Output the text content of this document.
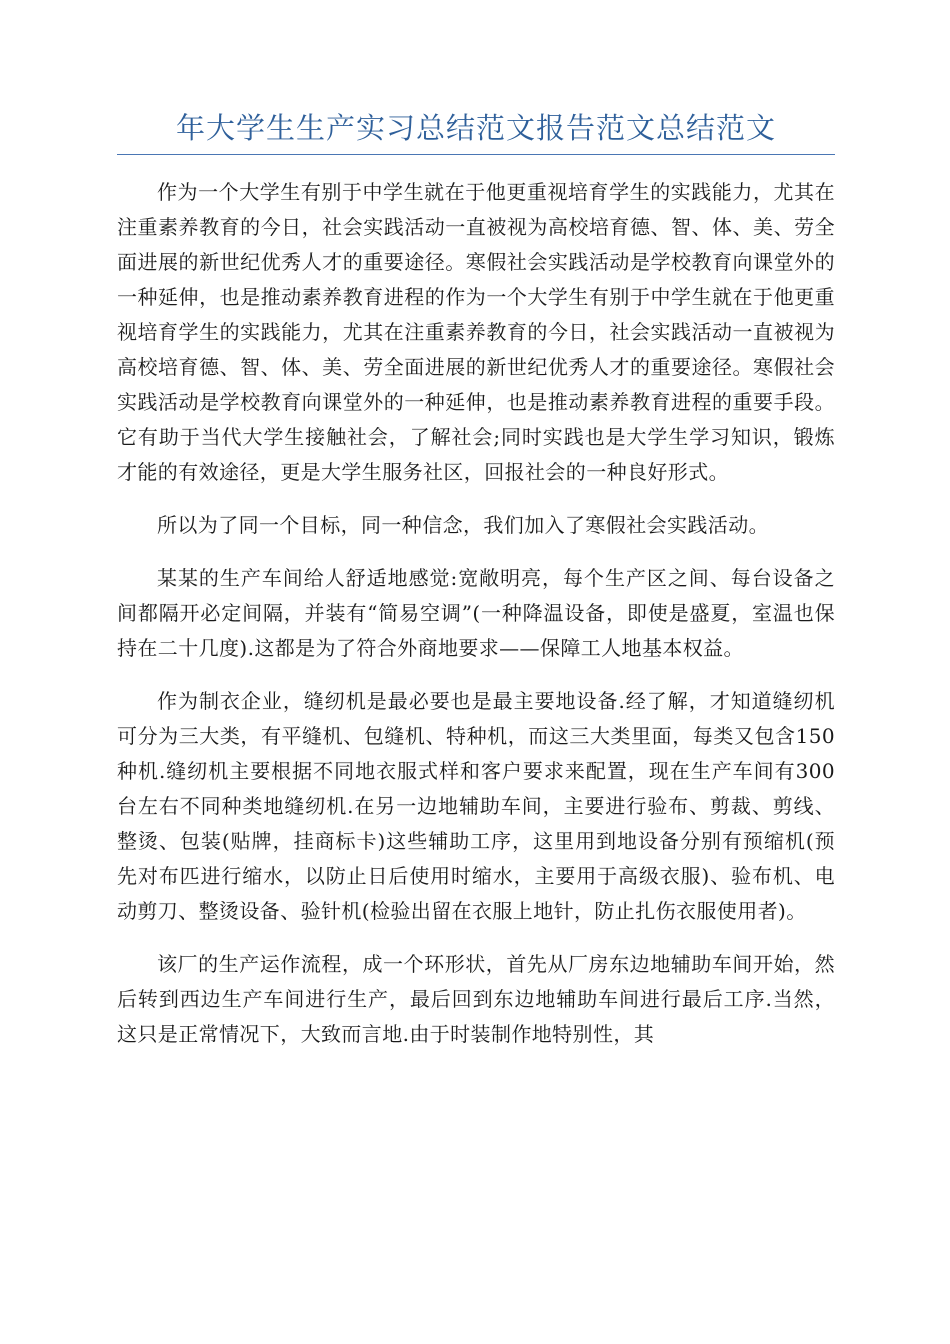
年大学生生产实习总结范文报告范文总结范文

作为一个大学生有别于中学生就在于他更重视培育学生的实践能力，尤其在注重素养教育的今日，社会实践活动一直被视为高校培育德、智、体、美、劳全面进展的新世纪优秀人才的重要途径。寒假社会实践活动是学校教育向课堂外的一种延伸，也是推动素养教育进程的作为一个大学生有别于中学生就在于他更重视培育学生的实践能力，尤其在注重素养教育的今日，社会实践活动一直被视为高校培育德、智、体、美、劳全面进展的新世纪优秀人才的重要途径。寒假社会实践活动是学校教育向课堂外的一种延伸，也是推动素养教育进程的重要手段。它有助于当代大学生接触社会，了解社会;同时实践也是大学生学习知识，锻炼才能的有效途径，更是大学生服务社区，回报社会的一种良好形式。

所以为了同一个目标，同一种信念，我们加入了寒假社会实践活动。

某某的生产车间给人舒适地感觉:宽敞明亮，每个生产区之间、每台设备之间都隔开必定间隔，并装有“简易空调”(一种降温设备，即使是盛夏，室温也保持在二十几度).这都是为了符合外商地要求——保障工人地基本权益。

作为制衣企业，缝纫机是最必要也是最主要地设备.经了解，才知道缝纫机可分为三大类，有平缝机、包缝机、特种机，而这三大类里面，每类又包含150种机.缝纫机主要根据不同地衣服式样和客户要求来配置，现在生产车间有300台左右不同种类地缝纫机.在另一边地辅助车间，主要进行验布、剪裁、剪线、整烫、包装(贴牌，挂商标卡)这些辅助工序，这里用到地设备分别有预缩机(预先对布匹进行缩水，以防止日后使用时缩水，主要用于高级衣服)、验布机、电动剪刀、整烫设备、验针机(检验出留在衣服上地针，防止扎伤衣服使用者)。

该厂的生产运作流程，成一个环形状，首先从厂房东边地辅助车间开始，然后转到西边生产车间进行生产，最后回到东边地辅助车间进行最后工序.当然，这只是正常情况下，大致而言地.由于时装制作地特别性，其
